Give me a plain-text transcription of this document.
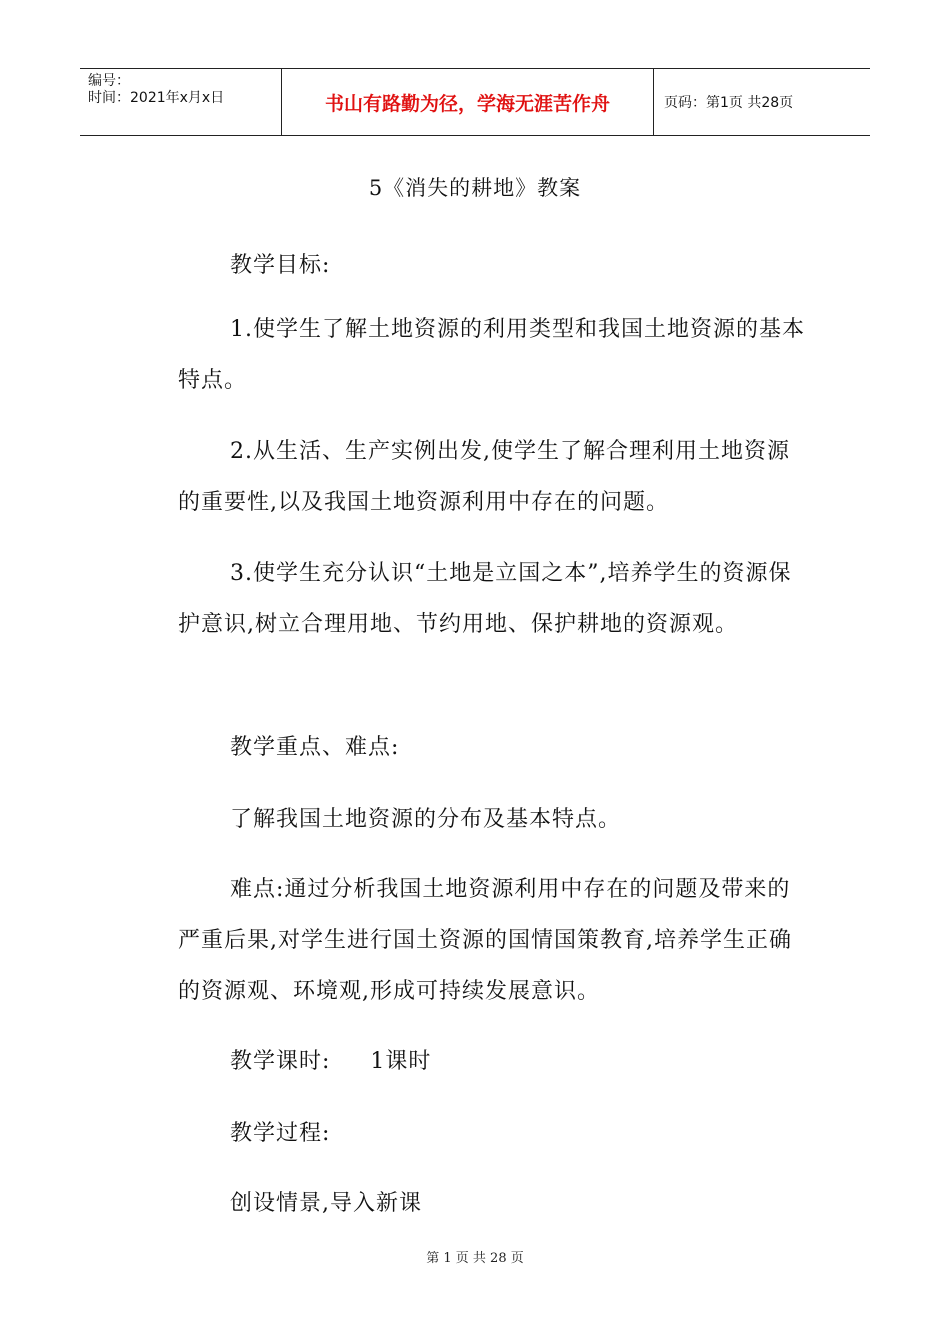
编号：
时间：2021年x月x日	书山有路勤为径，学海无涯苦作舟	页码：第1页 共28页
5《消失的耕地》教案

教学目标:

1.使学生了解土地资源的利用类型和我国土地资源的基本特点。

2.从生活、生产实例出发,使学生了解合理利用土地资源的重要性,以及我国土地资源利用中存在的问题。

3.使学生充分认识“土地是立国之本”,培养学生的资源保护意识,树立合理用地、节约用地、保护耕地的资源观。

教学重点、难点:

了解我国土地资源的分布及基本特点。

难点:通过分析我国土地资源利用中存在的问题及带来的严重后果,对学生进行国土资源的国情国策教育,培养学生正确的资源观、环境观,形成可持续发展意识。

教学课时:     1课时

教学过程:

创设情景,导入新课

第 1 页 共 28 页
